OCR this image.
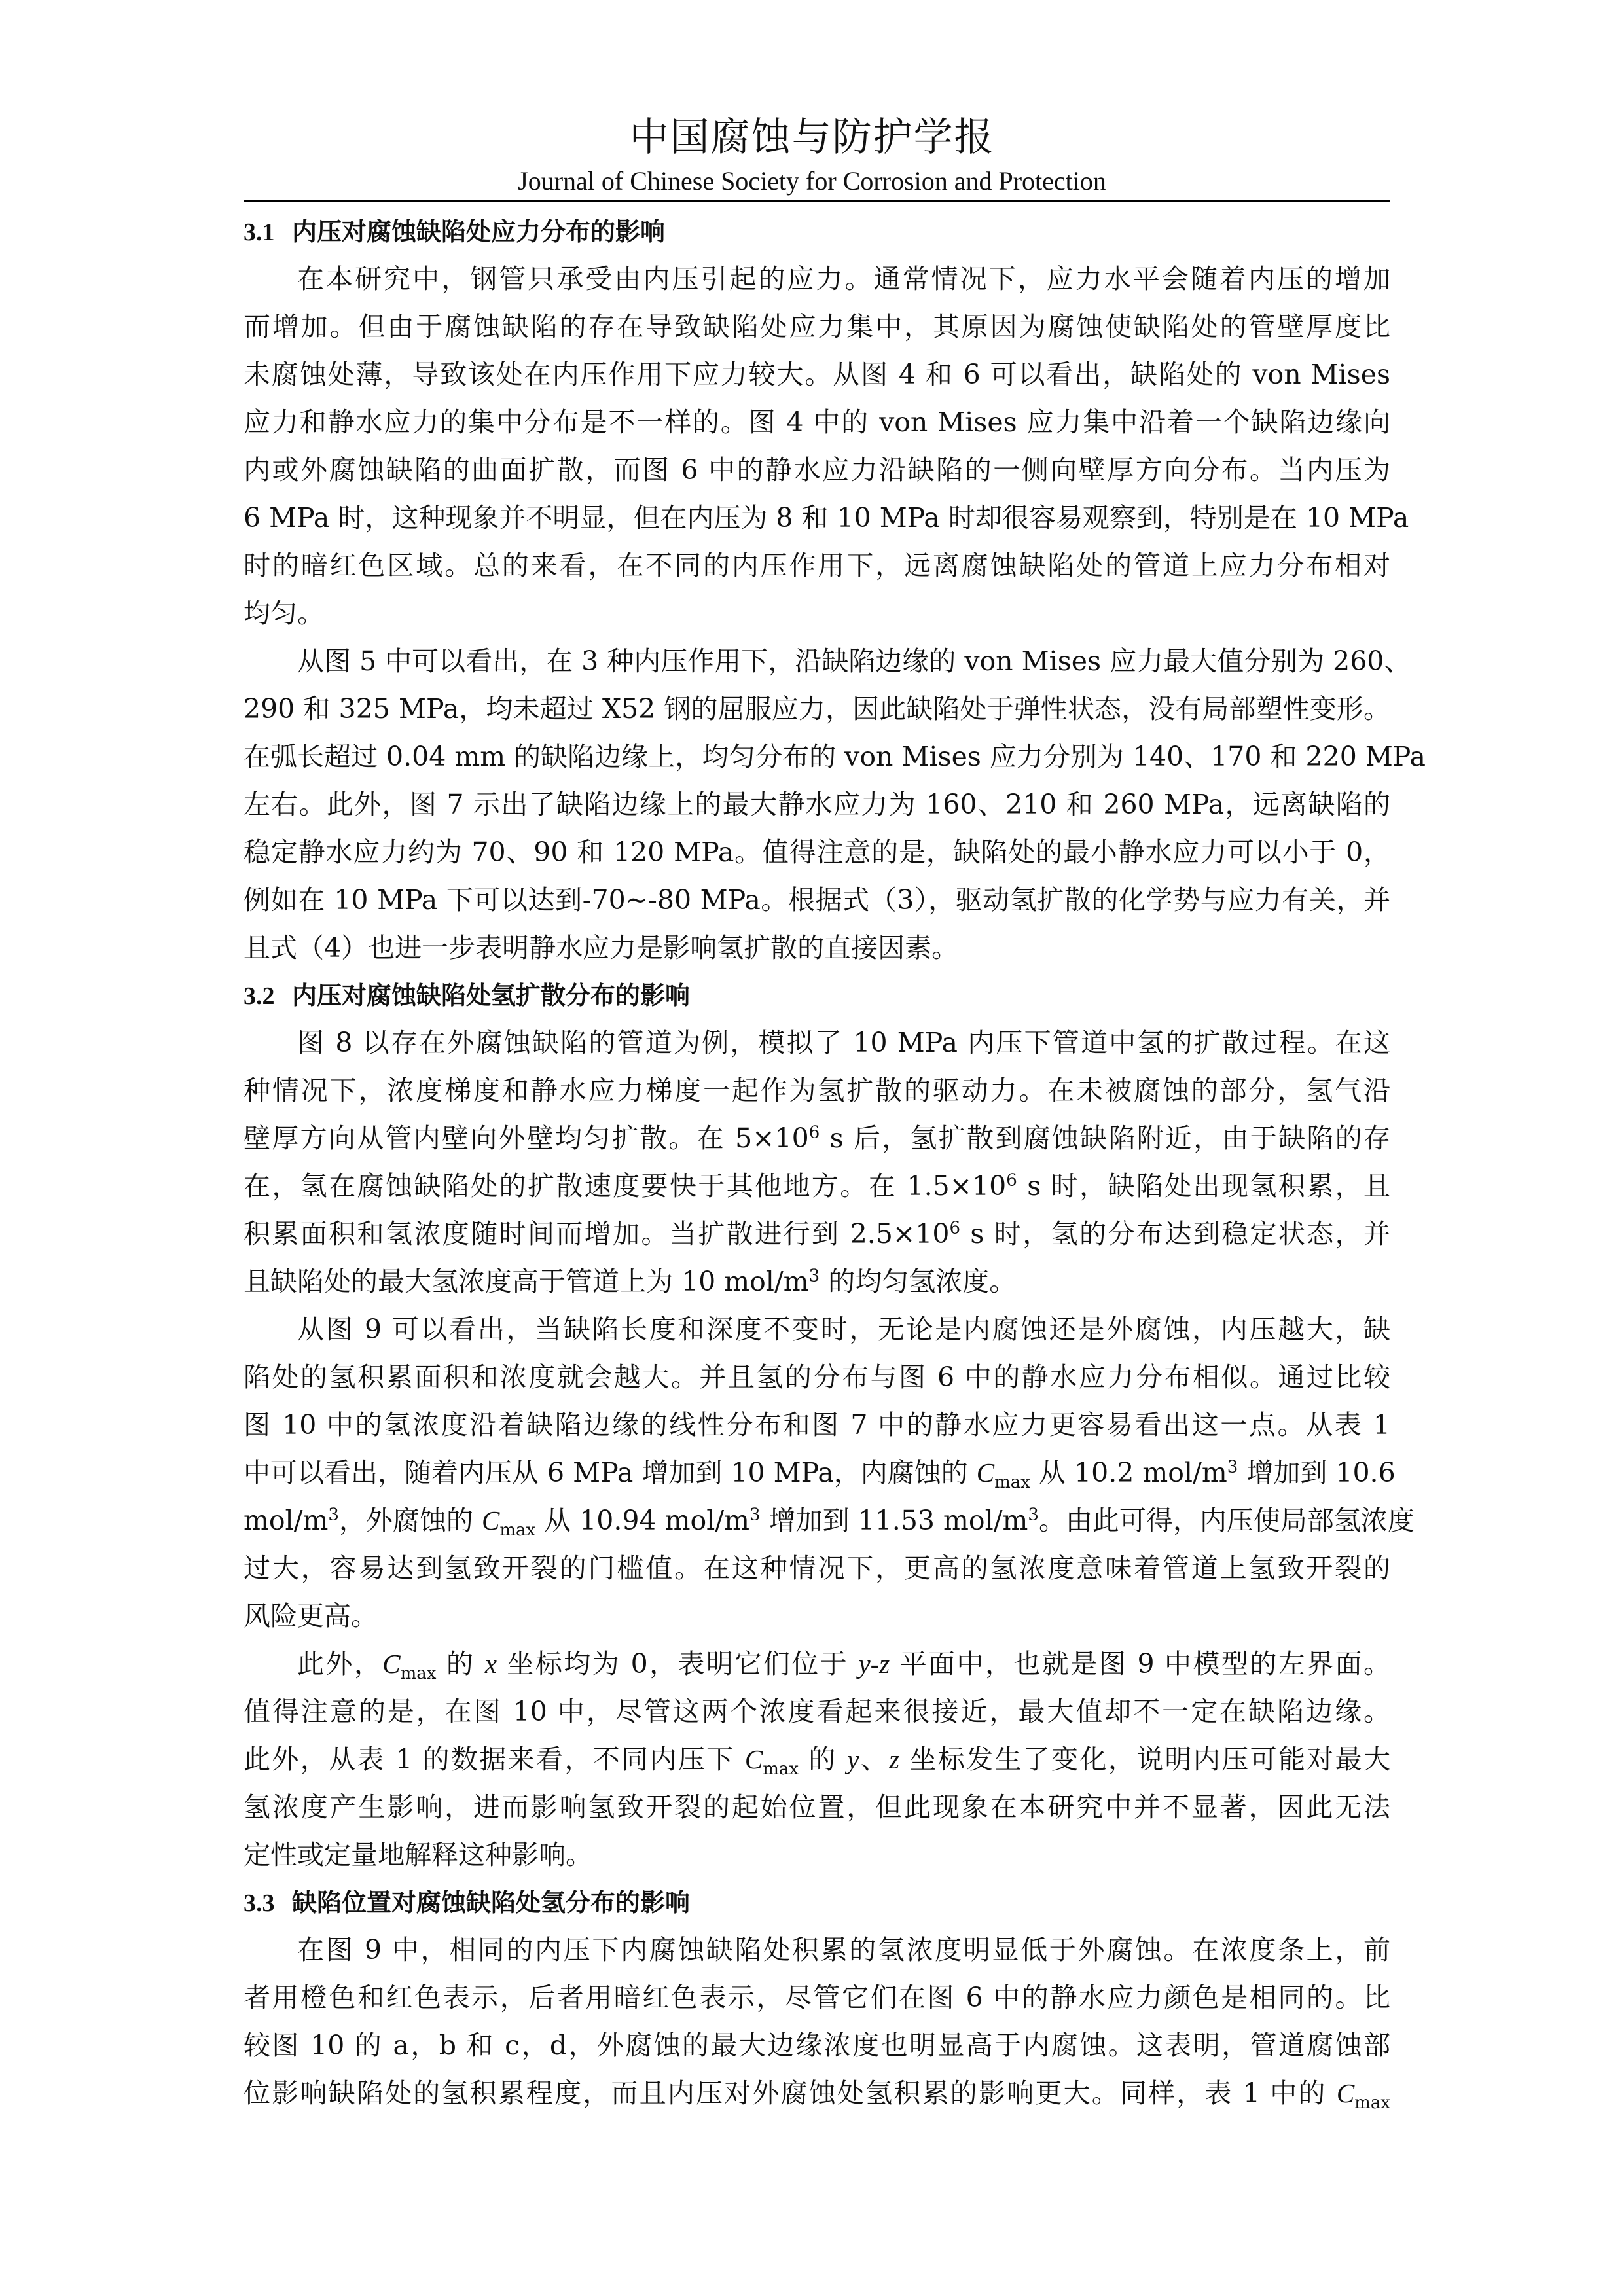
中国腐蚀与防护学报
Journal of Chinese Society for Corrosion and Protection
3.1 内压对腐蚀缺陷处应力分布的影响
在本研究中，钢管只承受由内压引起的应力。通常情况下，应力水平会随着内压的增加
而增加。但由于腐蚀缺陷的存在导致缺陷处应力集中，其原因为腐蚀使缺陷处的管壁厚度比
未腐蚀处薄，导致该处在内压作用下应力较大。从图 4 和 6 可以看出，缺陷处的 von Mises
应力和静水应力的集中分布是不一样的。图 4 中的 von Mises 应力集中沿着一个缺陷边缘向
内或外腐蚀缺陷的曲面扩散，而图 6 中的静水应力沿缺陷的一侧向壁厚方向分布。当内压为
6 MPa 时，这种现象并不明显，但在内压为 8 和 10 MPa 时却很容易观察到，特别是在 10 MPa
时的暗红色区域。总的来看，在不同的内压作用下，远离腐蚀缺陷处的管道上应力分布相对
均匀。
从图 5 中可以看出，在 3 种内压作用下，沿缺陷边缘的 von Mises 应力最大值分别为 260、
290 和 325 MPa，均未超过 X52 钢的屈服应力，因此缺陷处于弹性状态，没有局部塑性变形。
在弧长超过 0.04 mm 的缺陷边缘上，均匀分布的 von Mises 应力分别为 140、170 和 220 MPa
左右。此外，图 7 示出了缺陷边缘上的最大静水应力为 160、210 和 260 MPa，远离缺陷的
稳定静水应力约为 70、90 和 120 MPa。值得注意的是，缺陷处的最小静水应力可以小于 0，
例如在 10 MPa 下可以达到-70~-80 MPa。根据式（3），驱动氢扩散的化学势与应力有关，并
且式（4）也进一步表明静水应力是影响氢扩散的直接因素。
3.2 内压对腐蚀缺陷处氢扩散分布的影响
图 8 以存在外腐蚀缺陷的管道为例，模拟了 10 MPa 内压下管道中氢的扩散过程。在这
种情况下，浓度梯度和静水应力梯度一起作为氢扩散的驱动力。在未被腐蚀的部分，氢气沿
壁厚方向从管内壁向外壁均匀扩散。在 $5\times 10^6$ s 后，氢扩散到腐蚀缺陷附近，由于缺陷的存
在，氢在腐蚀缺陷处的扩散速度要快于其他地方。在 $1.5\times 10^6$ s 时，缺陷处出现氢积累，且
积累面积和氢浓度随时间而增加。当扩散进行到 $2.5\times 10^6$ s 时，氢的分布达到稳定状态，并
且缺陷处的最大氢浓度高于管道上为 10 mol/$m^3$ 的均匀氢浓度。
从图 9 可以看出，当缺陷长度和深度不变时，无论是内腐蚀还是外腐蚀，内压越大，缺
陷处的氢积累面积和浓度就会越大。并且氢的分布与图 6 中的静水应力分布相似。通过比较
图 10 中的氢浓度沿着缺陷边缘的线性分布和图 7 中的静水应力更容易看出这一点。从表 1
中可以看出，随着内压从 6 MPa 增加到 10 MPa，内腐蚀的 $C_{max}$ 从 10.2 mol/$m^3$ 增加到 10.6
mol/$m^3$，外腐蚀的 $C_{max}$ 从 10.94 mol/$m^3$ 增加到 11.53 mol/$m^3$。由此可得，内压使局部氢浓度
过大，容易达到氢致开裂的门槛值。在这种情况下，更高的氢浓度意味着管道上氢致开裂的
风险更高。
此外，$C_{max}$ 的 x 坐标均为 0，表明它们位于 y-z 平面中，也就是图 9 中模型的左界面。
值得注意的是，在图 10 中，尽管这两个浓度看起来很接近，最大值却不一定在缺陷边缘。
此外，从表 1 的数据来看，不同内压下 $C_{max}$ 的 y、z 坐标发生了变化，说明内压可能对最大
氢浓度产生影响，进而影响氢致开裂的起始位置，但此现象在本研究中并不显著，因此无法
定性或定量地解释这种影响。
3.3 缺陷位置对腐蚀缺陷处氢分布的影响
在图 9 中，相同的内压下内腐蚀缺陷处积累的氢浓度明显低于外腐蚀。在浓度条上，前
者用橙色和红色表示，后者用暗红色表示，尽管它们在图 6 中的静水应力颜色是相同的。比
较图 10 的 a，b 和 c，d，外腐蚀的最大边缘浓度也明显高于内腐蚀。这表明，管道腐蚀部
位影响缺陷处的氢积累程度，而且内压对外腐蚀处氢积累的影响更大。同样，表 1 中的 $C_{max}$
